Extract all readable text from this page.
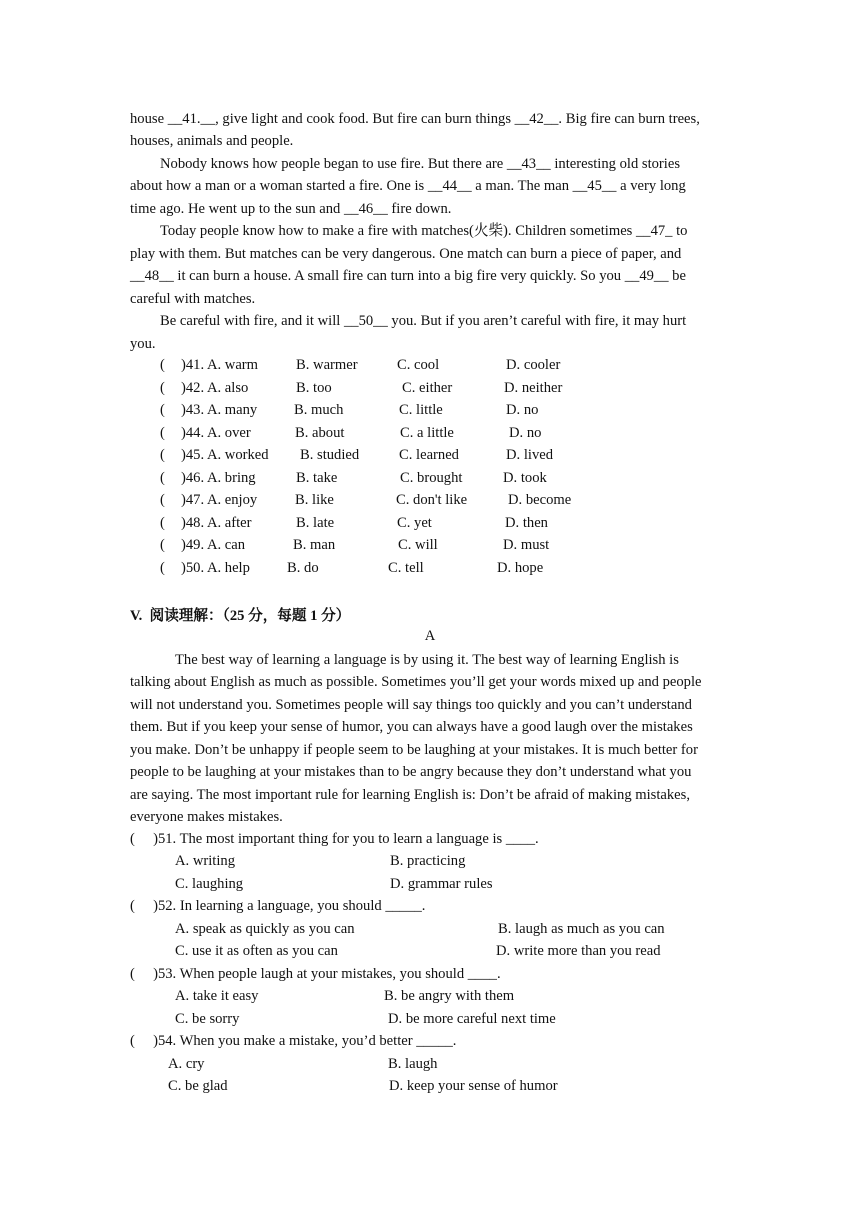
house __41.__, give light and cook food. But fire can burn things __42__. Big fire can burn trees,
houses, animals and people.
Nobody knows how people began to use fire. But there are __43__ interesting old stories
about how a man or a woman started a fire. One is __44__ a man. The man __45__ a very long
time ago. He went up to the sun and __46__ fire down.
Today people know how to make a fire with matches(火柴). Children sometimes __47_ to
play with them. But matches can be very dangerous. One match can burn a piece of paper, and
__48__ it can burn a house. A small fire can turn into a big fire very quickly. So you __49__ be
careful with matches.
Be careful with fire, and it will __50__ you. But if you aren’t careful with fire, it may hurt
you.
( )41. A. warm	B. warmer	C. cool	D. cooler
( )42. A. also	B. too	C. either	D. neither
( )43. A. many	B. much	C. little	D. no
( )44. A. over	B. about	C. a little	D. no
( )45. A. worked B. studied	C. learned	D. lived
( )46. A. bring	B. take	C. brought	D. took
( )47. A. enjoy	B. like	C. don't like	D. become
( )48. A. after	B. late	C. yet	D. then
( )49. A. can	B. man	C. will	D. must
( )50. A. help	B. do	C. tell	D. hope
V.  阅读理解：（25 分，每题 1 分）
A
The best way of learning a language is by using it. The best way of learning English is
talking about English as much as possible. Sometimes you’ll get your words mixed up and people
will not understand you. Sometimes people will say things too quickly and you can’t understand
them. But if you keep your sense of humor, you can always have a good laugh over the mistakes
you make. Don’t be unhappy if people seem to be laughing at your mistakes. It is much better for
people to be laughing at your mistakes than to be angry because they don’t understand what you
are saying. The most important rule for learning English is: Don’t be afraid of making mistakes,
everyone makes mistakes.
(     )51. The most important thing for you to learn a language is ____.
A. writing	B. practicing
C. laughing	D. grammar rules
(     )52. In learning a language, you should _____.
A. speak as quickly as you can	B. laugh as much as you can
C. use it as often as you can	D. write more than you read
(     )53. When people laugh at your mistakes, you should ____.
A. take it easy	B. be angry with them
C. be sorry	D. be more careful next time
(     )54. When you make a mistake, you’d better _____.
A. cry	B. laugh
C. be glad	D. keep your sense of humor
